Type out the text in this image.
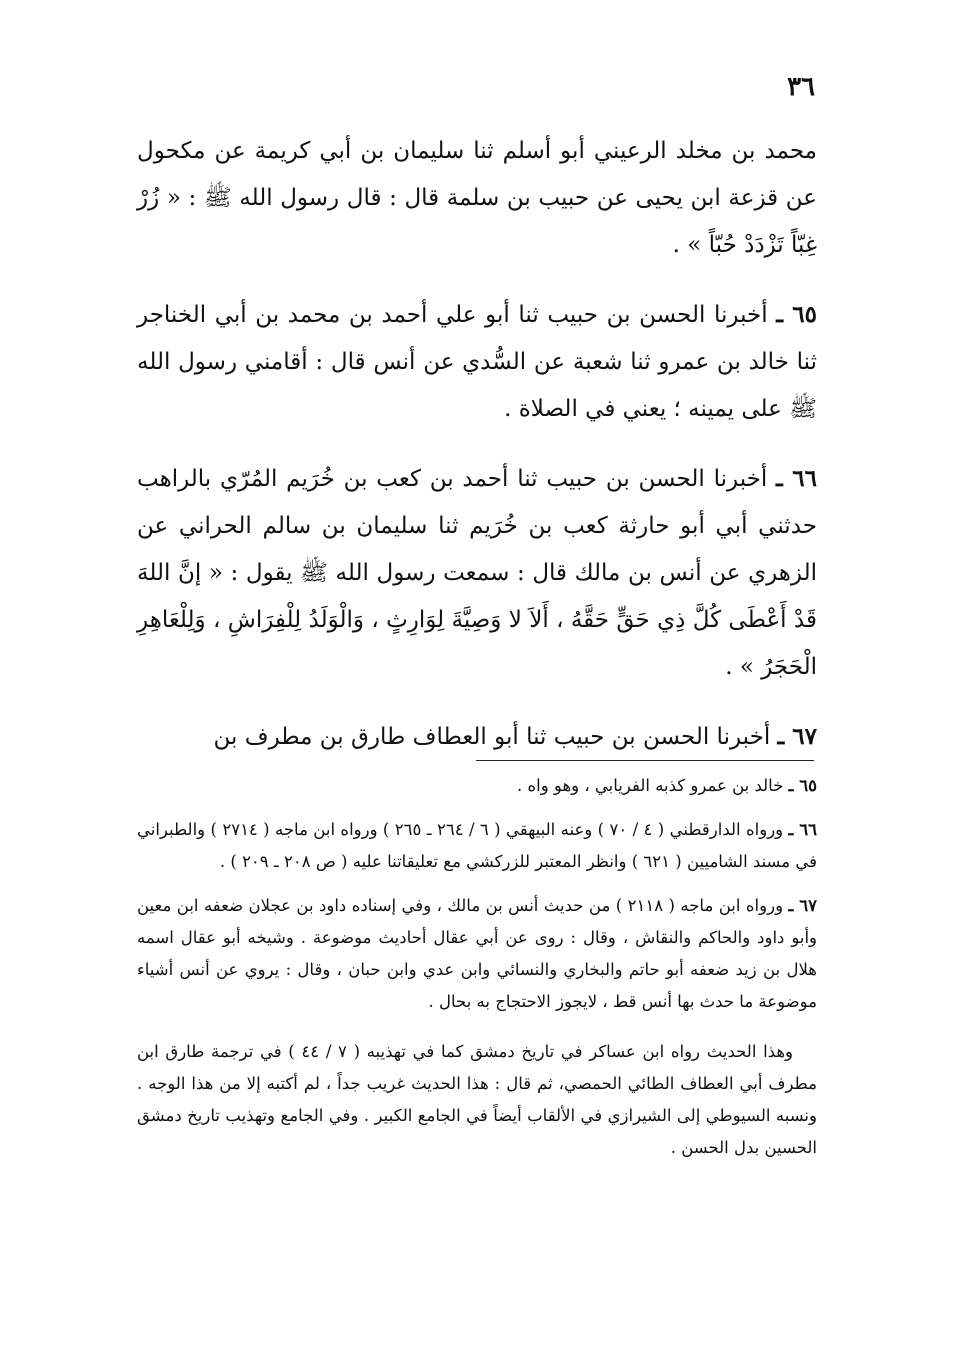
٣٦

محمد بن مخلد الرعيني أبو أسلم ثنا سليمان بن أبي كريمة عن مكحول عن قزعة ابن يحيى عن حبيب بن سلمة قال : قال رسول الله ﷺ : « زُرْ غِبّاً تَزْدَدْ حُبّاً » .

٦٥ ـ أخبرنا الحسن بن حبيب ثنا أبو علي أحمد بن محمد بن أبي الخناجر ثنا خالد بن عمرو ثنا شعبة عن السُّدي عن أنس قال : أقامني رسول الله ﷺ على يمينه ؛ يعني في الصلاة .

٦٦ ـ أخبرنا الحسن بن حبيب ثنا أحمد بن كعب بن خُرَيم المُرّي بالراهب حدثني أبي أبو حارثة كعب بن خُرَيم ثنا سليمان بن سالم الحراني عن الزهري عن أنس بن مالك قال : سمعت رسول الله ﷺ يقول : « إنَّ اللهَ قَدْ أَعْطَى كُلَّ ذِي حَقٍّ حَقَّهُ ، أَلاَ لا وَصِيَّةَ لِوَارِثٍ ، وَالْوَلَدُ لِلْفِرَاشِ ، وَلِلْعَاهِرِ الْحَجَرُ » .

٦٧ ـ أخبرنا الحسن بن حبيب ثنا أبو العطاف طارق بن مطرف بن

٦٥ ـ خالد بن عمرو كذبه الفريابي ، وهو واه .

٦٦ ـ ورواه الدارقطني ( ٤ / ٧٠ ) وعنه البيهقي ( ٦ / ٢٦٤ ـ ٢٦٥ ) ورواه ابن ماجه ( ٢٧١٤ ) والطبراني في مسند الشاميين ( ٦٢١ ) وانظر المعتبر للزركشي مع تعليقاتنا عليه ( ص ٢٠٨ ـ ٢٠٩ ) .

٦٧ ـ ورواه ابن ماجه ( ٢١١٨ ) من حديث أنس بن مالك ، وفي إسناده داود بن عجلان ضعفه ابن معين وأبو داود والحاكم والنقاش ، وقال : روى عن أبي عقال أحاديث موضوعة . وشيخه أبو عقال اسمه هلال بن زيد ضعفه أبو حاتم والبخاري والنسائي وابن عدي وابن حبان ، وقال : يروي عن أنس أشياء موضوعة ما حدث بها أنس قط ، لايجوز الاحتجاج به بحال .

وهذا الحديث رواه ابن عساكر في تاريخ دمشق كما في تهذيبه ( ٧ / ٤٤ ) في ترجمة طارق ابن مطرف أبي العطاف الطائي الحمصي، ثم قال : هذا الحديث غريب جداً ، لم أكتبه إلا من هذا الوجه . ونسبه السيوطي إلى الشيرازي في الألقاب أيضاً في الجامع الكبير . وفي الجامع وتهذيب تاريخ دمشق الحسين بدل الحسن .
